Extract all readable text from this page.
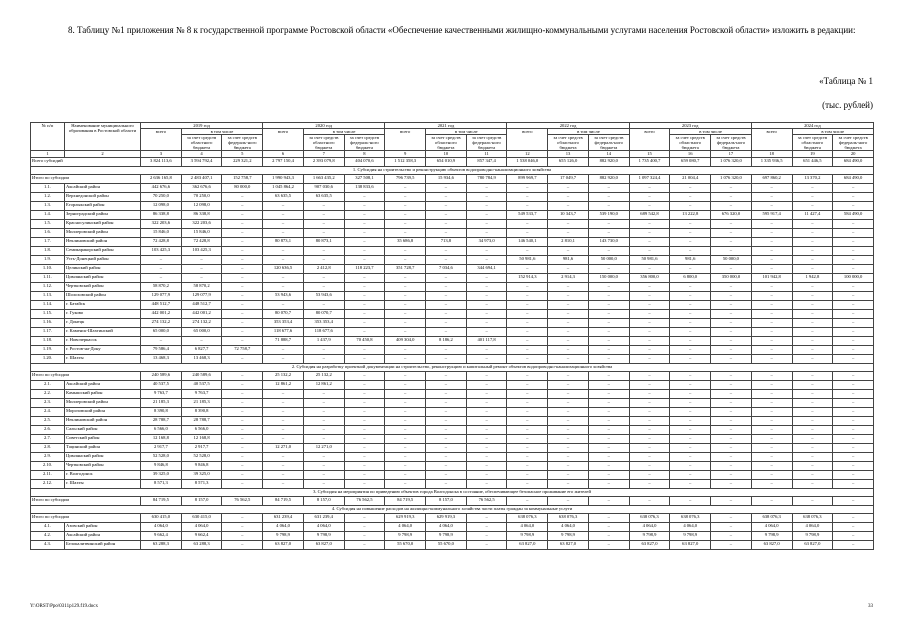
8. Таблицу №1 приложения № 8 к государственной программе Ростовской области «Обеспечение качественными жилищно-коммунальными услугами населения Ростовской области» изложить в редакции:
«Таблица № 1
(тыс. рублей)
№ п/п	Наименование муниципального образования в Ростовской области	2019 год			2020 год			2021 год			2022 год			2023 год			2024 год		
		всего	в том числе		всего	в том числе		всего	в том числе		всего	в том числе		всего	в том числе		всего	в том числе	
			за счет средств областного бюджета	за счет средств федераль-ного бюджета		за счет средств областного бюджета	за счет средств федераль-ного бюджета		за счет средств областного бюджета	за счет средств федераль-ного бюджета		за счет средств областного бюджета	за счет средств федераль-ного бюджета		за счет средств областного бюджета	за счет средств федераль-ного бюджета		за счет средств областного бюджета	за счет средств федераль-ного бюджета
1	2	3	4	5	6	7	8	9	10	11	12	13	14	15	16	17	18	19	20
Всего субсидий		3 824 113,6	3 594 792,4	229 321,2	2 797 150,4	2 393 079,8	404 070,6	1 512 358,3	654 010,9	857 347,4	1 538 046,0	655 126,0	882 920,0	1 735 400,7	659 080,7	1 076 320,0	1 335 936,5	651 446,5	684 490,0
1. Субсидия на строительство и реконструкцию объектов водопроводно-канализационного хозяйства																			
Итого по субсидии		2 636 165,8	2 483 407,1	152 758,7	1 990 943,3	1 663 435,2	327 508,1	796 739,5	15 934,6	780 784,9	899 969,7	17 049,7	882 920,0	1 097 324,4	21 004,4	1 076 320,0	697 860,2	13 370,2	684 490,0
1.1.	Аксайский район	442 676,6	362 676,6	80 000,0	1 045 864,2	907 030,6	138 833,6	–	–	–	–	–	–	–	–	–	–	–	–
1.2.	Верхнедонской район	70 250,0	70 250,0	–	63 635,5	63 635,5	–	–	–	–	–	–	–	–	–	–	–	–	–
1.3.	Егорлыкский район	12 098,0	12 098,0	–	–	–	–	–	–	–	–	–	–	–	–	–	–	–	–
1.4.	Зерноградский район	86 338,8	86 338,8	–	–	–	–	–	–	–	549 533,7	10 343,7	539 190,0	689 542,8	13 222,8	676 320,0	595 917,4	11 427,4	584 490,0
1.5.	Красносулинский район	322 203,6	322 203,6	–	–	–	–	–	–	–	–	–	–	–	–	–	–	–	–
1.6.	Миллеровский район	15 846,0	15 846,0	–	–	–	–	–	–	–	–	–	–	–	–	–	–	–	–
1.7.	Неклиновский район	72 428,8	72 428,8	–	80 873,1	80 873,1	–	35 686,8	713,8	34 973,0	146 540,1	2 810,1	143 730,0	–	–	–	–	–	–
1.8.	Семикаракорский район	103 425,3	103 425,3	–	–	–	–	–	–	–	–	–	–	–	–	–	–	–	–
1.9.	Усть-Донецкий район	–	–	–	–	–	–	–	–	–	50 981,6	981,6	50 000,0	50 981,6	981,6	50 000,0	–	–	–
1.10.	Целинский район	–	–	–	120 636,5	2 412,8	118 223,7	351 728,7	7 034,6	344 694,1	–	–	–	–	–	–	–	–	–
1.11.	Цимлянский район	–	–	–	–	–	–	–	–	–	152 914,3	2 914,3	150 000,0	356 800,0	6 800,0	350 000,0	101 942,8	1 942,8	100 000,0
1.12.	Чертковский район	58 870,2	58 870,2	–	–	–	–	–	–	–	–	–	–	–	–	–	–	–	–
1.13.	Шолоховский район	129 077,9	129 077,9	–	53 943,6	53 943,6	–	–	–	–	–	–	–	–	–	–	–	–	–
1.14.	г. Батайск	448 512,7	448 512,7	–	–	–	–	–	–	–	–	–	–	–	–	–	–	–	–
1.15.	г. Гуково	442 001,2	442 001,2	–	80 070,7	80 070,7	–	–	–	–	–	–	–	–	–	–	–	–	–
1.16.	г. Донецк	274 132,2	274 132,2	–	353 353,4	353 353,4	–	–	–	–	–	–	–	–	–	–	–	–	–
1.17.	г. Каменск-Шахтинский	65 000,0	65 000,0	–	118 677,6	118 677,6	–	–	–	–	–	–	–	–	–	–	–	–	–
1.18.	г. Новочеркасск	–	–	–	71 888,7	1 437,9	70 450,8	409 304,0	8 186,2	401 117,8	–	–	–	–	–	–	–	–	–
1.19.	г. Ростов-на-Дону	79 586,4	6 827,7	72 758,7	–	–	–	–	–	–	–	–	–	–	–	–	–	–	–
1.20.	г. Шахты	13 468,3	13 468,3	–	–	–	–	–	–	–	–	–	–	–	–	–	–	–	–
2. Субсидия на разработку проектной документации на строительство, реконструкцию и капитальный ремонт объектов водопроводно-канализационного хозяйства																			
Итого по субсидии		240 589,6	240 589,6	–	25 132,2	25 132,2	–	–	–	–	–	–	–	–	–	–	–	–	–
2.1.	Аксайский район	40 537,5	40 537,5	–	12 861,2	12 861,2	–	–	–	–	–	–	–	–	–	–	–	–	–
2.2.	Камышский район	9 763,7	9 763,7	–	–	–	–	–	–	–	–	–	–	–	–	–	–	–	–
2.3.	Миллеровский район	21 185,3	21 185,3	–	–	–	–	–	–	–	–	–	–	–	–	–	–	–	–
2.4.	Морозовский район	8 390,8	8 390,8	–	–	–	–	–	–	–	–	–	–	–	–	–	–	–	–
2.5.	Неклиновский район	28 788,7	28 788,7	–	–	–	–	–	–	–	–	–	–	–	–	–	–	–	–
2.6.	Сальский район	6 566,0	6 566,0	–	–	–	–	–	–	–	–	–	–	–	–	–	–	–	–
2.7.	Советский район	12 168,8	12 168,8	–	–	–	–	–	–	–	–	–	–	–	–	–	–	–	–
2.8.	Тацинский район	2 917,7	2 917,7	–	12 271,0	12 271,0	–	–	–	–	–	–	–	–	–	–	–	–	–
2.9.	Цимлянский район	52 528,0	52 528,0	–	–	–	–	–	–	–	–	–	–	–	–	–	–	–	–
2.10.	Чертковский район	9 846,8	9 846,8	–	–	–	–	–	–	–	–	–	–	–	–	–	–	–	–
2.11.	г. Волгодонск	39 325,0	39 325,0	–	–	–	–	–	–	–	–	–	–	–	–	–	–	–	–
2.12.	г. Шахты	8 571,3	8 571,3	–	–	–	–	–	–	–	–	–	–	–	–	–	–	–	–
3. Субсидия на мероприятия по приведению объектов города Волгодонска в состояние, обеспечивающее безопасное проживание его жителей																			
Итого по субсидии		84 719,5	8 157,0	76 562,5	84 719,5	8 157,0	76 562,5	84 719,5	8 157,0	76 562,5	–	–	–	–	–	–	–	–	–
4. Субсидия на повышение расходов на жилищно-коммунального хозяйства части платы граждан за коммунальные услуги																			
Итого по субсидии		630 415,0	630 415,0	–	631 239,4	631 239,4	–	629 919,3	629 919,3	–	638 076,3	638 076,3	–	638 076,3	638 076,3	–	638 076,3	638 076,3	–
4.1.	Азовский район	4 064,0	4 064,0	–	4 064,0	4 064,0	–	4 064,0	4 064,0	–	4 064,0	4 064,0	–	4 064,0	4 064,0	–	4 064,0	4 064,0	–
4.2.	Аксайский район	9 662,4	9 662,4	–	9 798,9	9 798,9	–	9 798,9	9 798,9	–	9 798,9	9 798,9	–	9 798,9	9 798,9	–	9 798,9	9 798,9	–
4.3.	Белокалитвинский район	63 288,3	63 288,3	–	63 827,0	63 827,0	–	55 670,0	55 670,0	–	63 827,0	63 827,0	–	63 827,0	63 827,0	–	63 827,0	63 827,0	–
Y:\ORST\Ppo\0311p129.f19.docx	33
